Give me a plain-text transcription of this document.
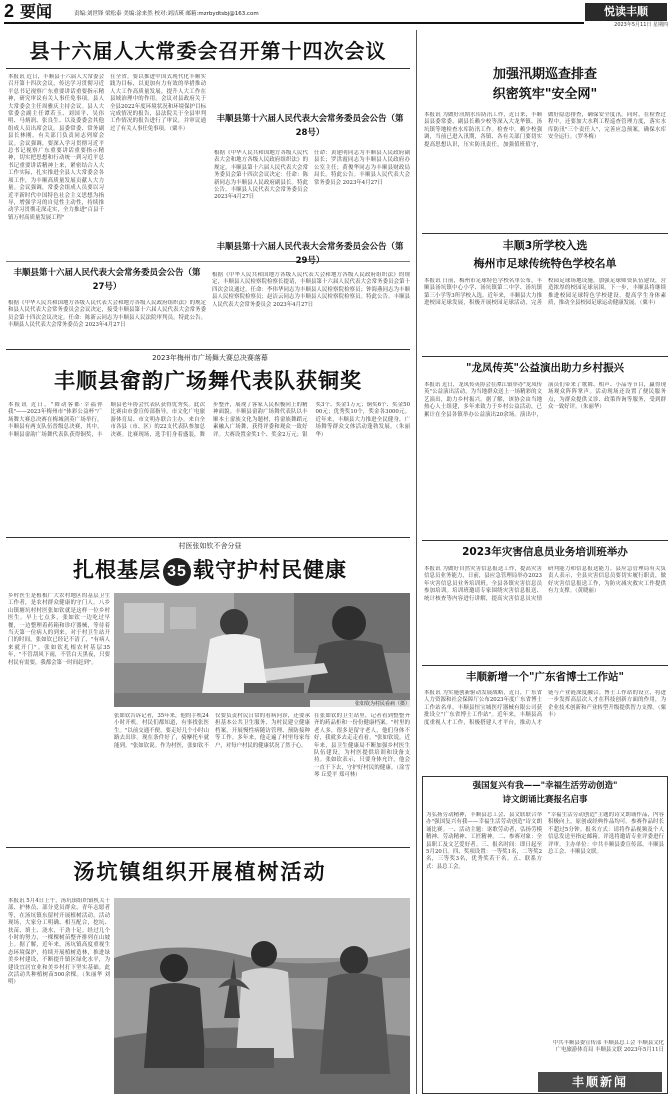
2 要闻	责编:刘世锋 梁松泰 美编:涂来然 校对:刘洁瑛 邮箱:mzrbydtsbj@163.com	悦读丰顺
2023年5月11日 星期四
县十六届人大常委会召开第十四次会议
本报讯 近日，丰顺县十六届人大常委会召开第十四次会议，传达学习贯彻习近平总书记视察广东重要讲话重要指示精神，研究审议有关人事任免事项。县人大常委会主任周雅庆主持会议。县人大常委会副主任谭若玉、刘国平、吴伟明、马炳润、张良生、以及委委会其他组成人员出席会议。县委常委、常务副县长林刚，有关部门负责同志列席会议。会议强调，要深入学习贯彻习近平总书记视察广东重要讲话重要指示精神，切实把思想和行动统一到习近平总书记重要讲话精神上来，紧密结合人大工作实际，扎实推进全县人大常委会各项工作，为丰顺高质量发展贡献人大力量。会议强调，常委会组成人员要以习近平新时代中国特色社会主义思想为指导，增强学习的自觉性主动性，持续推动学习贯彻走深走实，全力推进"百县千镇万村高质量发展工程"
在全省。要以推进中国式现代化丰顺实践为目标，以更加有力有效的举措推动人大工作高质量发展，提升人大工作在县域治理中的作用。会议对县政府关于全县2022年度环境状况和环境保护目标完成情况的报告，县法院关于全县审判工作情况的报告进行了审议，并审议通过了有关人事任免事项。（粟丰）
丰顺县第十六届人民代表大会常务委员会公告（第28号）
根据《中华人民共和国地方各级人民代表大会和地方各级人民政府组织法》的规定，丰顺县第十六届人民代表大会常务委员会第十四次会议决定：任命：陈新同志为丰顺县人民政府副县长。特此公告。丰顺县人民代表大会常务委员会 2023年4月27日
任命：黄建明同志为丰顺县人民政府副县长；罗洪霞同志为丰顺县人民政府办公室主任；黄俊华同志为丰顺县财政局局长。特此公告。丰顺县人民代表大会常务委员会 2023年4月27日
丰顺县第十六届人民代表大会常务委员会公告（第27号）
根据《中华人民共和国地方各级人民代表大会和地方各级人民政府组织法》的规定和县人民代表大会常务委员会会议决定，接受丰顺县第十六届人民代表大会常务委员会第十四次会议决定。任命：陈新云同志为丰顺县人民法院审判员。特此公告。丰顺县人民代表大会常务委员会 2023年4月27日
丰顺县第十六届人民代表大会常务委员会公告（第29号）
根据《中华人民共和国地方各级人民代表大会和地方各级人民政府组织法》的规定，丰顺县人民检察院检察长提请，丰顺县第十六届人民代表大会常务委员会第十四次会议通过。任命：李伟华同志为丰顺县人民检察院检察员；钟海燕同志为丰顺县人民检察院检察员；赵洁云同志为丰顺县人民检察院检察员。特此公告。丰顺县人民代表大会常务委员会 2023年4月27日
2023年梅州市广场舞大赛总决赛落幕
丰顺县畲韵广场舞代表队获铜奖
本报讯 近日，"舞动客都·幸福你我"——2023年梅州市"体彩公益杯"广场舞大赛总决赛在梅城剑英广场举行。丰顺县有两支队伍晋级总决赛，其中，丰顺县畲韵广场舞代表队获得铜奖，丰顺县老年协会代表队获得优秀奖。此次比赛由市委宣传部指导，市文化广电旅游体育局、市文明办联合主办。来自全市各县（市、区）的22支代表队参加总决赛。比赛现场，选手们身着盛装，舞步整齐，展现了客家人民积极向上的精神面貌。丰顺县畲韵广场舞代表队以丰顺本土畲族文化为题材，将畲族舞蹈元素融入广场舞，获得评委和观众一致好评。大赛设置金奖1个、奖金2万元；银奖3个、奖金1万元；铜奖6个、奖金5000元；优秀奖10个，奖金各3000元。近年来，丰顺县大力推进全民健身，广场舞等群众文体活动蓬勃发展。（朱丽华）
村医张如钦不舍分昼
扎根基层 35 载守护村民健康
乡村医生是植根广大农村地区的基层卫生工作者，是农村群众健康的守门人。八乡山镇塘坑村村医张如钦就是这样一位乡村医生。早上七点多，张如钦一边吃过早餐，一边整理着药箱和诊疗器械，等待着当天第一位病人的到来。对于村卫生站开门的时间，张如钦已经记不清了，"有病人来就开门"。张如钦扎根农村基层35年，"不管刮风下雨，不管白天黑夜，只要村民有需要，我都会第一时间赶到"。
张如钦为村民看病（摄）
张如钦告诉记者，35年来，他的手机24小时开机。村民们都知道，有事找张医生。"以前交通不便，要走好几个小时山路去出诊。现在条件好了，骑摩托车就能到。"张如钦说。作为村医，张如钦不仅要负责村民日常的看病问诊，还要承担基本公共卫生服务，为村民建立健康档案，开展慢性病随访管理、预防接种等工作。多年来，他走遍了村里每家每户，对每户村民的健康状况了然于心。
在张如钦的卫生站里，记者看到整整齐齐的药品柜和一份份健康档案。"村里的老人多，很多是留守老人，他们身体不好，我就多去走走看看。"张如钦说。近年来，县卫生健康局不断加强乡村医生队伍建设，为村医提供培训和设备支持。张如钦表示，只要身体允许，他会一直干下去，守护好村民的健康。（涂雪琴 丘爱平 郑可林）
汤坑镇组织开展植树活动
本报讯 5月4日上午，汤坑镇组织镇机关干部、护林员、部分党员群众、青年志愿者等，在汤坑镇东留村开展植树活动。活动现场，大家分工明确、相互配合，挖坑、扶苗、填土、浇水，干劲十足。经过几个小时的努力，一棵棵树苗整齐排列在山坡上。据了解，近年来，汤坑镇高度重视生态环境保护，持续开展植树造林，推进绿美乡村建设，不断提升镇区绿化水平，为建设宜居宜业和美乡村打下坚实基础。此次活动共种植树苗500余棵。（朱丽华 刘明）
加强汛期巡查排查
织密筑牢"安全网"
本报讯 为做好汛期水库防汛工作，近日来，丰顺县县委常委、副县长赖少校等深入大龙华镇、汤坑镇等地检查水库防汛工作。检查中，赖少校强调，当前已进入汛期，各镇、各有关部门要切实提高思想认识，压实防汛责任，加强值班值守，做好隐患排查，确保安全度汛。同时，在检查过程中，还要加大水利工程巡查管理力度，落实水库防汛"三个责任人"，完善应急预案，确保水库安全运行。（罗冬梅）
丰顺3所学校入选
梅州市足球传统特色学校名单
本报讯 日前，梅州市足球特色学校名单公布，丰顺县汤坑镇中心小学、汤坑镇第二中学、汤坑镇第三小学等3所学校入选。近年来，丰顺县大力推进校园足球发展，积极开展校园足球活动，完善校园足球场地设施，加强足球师资队伍建设，营造浓厚的校园足球氛围。下一步，丰顺县将继续推进校园足球特色学校建设，提高学生身体素质，推动全县校园足球运动健康发展。（粟丰）
"龙凤传英"公益演出助力乡村振兴
本报讯 近日，龙凤传英协会在潭江镇举办"龙凤传英"公益演出活动，为当地群众送上一场精彩的文艺演出，助力乡村振兴。据了解，该协会由当地热心人士组建，多年来致力于乡村公益活动，已累计在全县各镇举办公益演出20余场。演出中，演员们带来了歌舞、相声、小品等节目，赢得现场观众阵阵掌声。活动现场还设置了便民服务点，为群众提供义诊、政策咨询等服务，受到群众一致好评。（朱丽华）
2023年灾害信息员业务培训班举办
本报讯 为做好自然灾害信息报送工作，提高灾害信息员业务能力，日前，县应急管理局举办2023年灾害信息员业务培训班。全县各镇灾害信息员参加培训。培训班邀请专家围绕灾害信息报送、统计核查等内容进行讲解，提高灾害信息员灾情研判能力和信息报送能力。县应急管理局有关负责人表示，全县灾害信息员要切实履行职责，做好灾害信息报送工作，为防灾减灾救灾工作提供有力支撑。（黄晓丽）
丰顺新增一个"广东省博士工作站"
本报讯 为实施创新驱动发展战略，近日，广东省人力资源和社会保障厅公布2023年度广东省博士工作站名单，丰顺县恒宝城医疗器械有限公司获批设立"广东省博士工作站"。近年来，丰顺县高度重视人才工作，积极搭建人才平台，推动人才链与产业链深度融合。博士工作站的设立，将进一步发挥高层次人才在科技创新方面的作用，为企业技术创新和产业转型升级提供智力支撑。（粟丰）
强国复兴有我——"幸福生活劳动创造"
诗文朗诵比赛报名启事
为弘扬劳动精神，丰顺县总工会、县文联联合举办"强国复兴有我——幸福生活劳动创造"诗文朗诵比赛。一、活动主题：讴歌劳动者，弘扬劳模精神、劳动精神、工匠精神。二、参赛对象：全县职工及文艺爱好者。三、报名时间：即日起至5月20日。四、奖项设置：一等奖1名，二等奖2名，三等奖3名，优秀奖若干名。五、联系方式：县总工会。
"幸福生活劳动创造"主题的诗文朗诵作品，内容积极向上，原创或经典作品均可。参赛作品时长不超过5分钟。报名方式：请将作品视频及个人信息发送至指定邮箱。评选将邀请专业评委进行评审。主办单位：中共丰顺县委宣传部、丰顺县总工会、丰顺县文联。
中共丰顺县委宣传部 丰顺县总工会 丰顺县文化广电旅游体育局 丰顺县文联 2023年5月11日
丰顺新闻
